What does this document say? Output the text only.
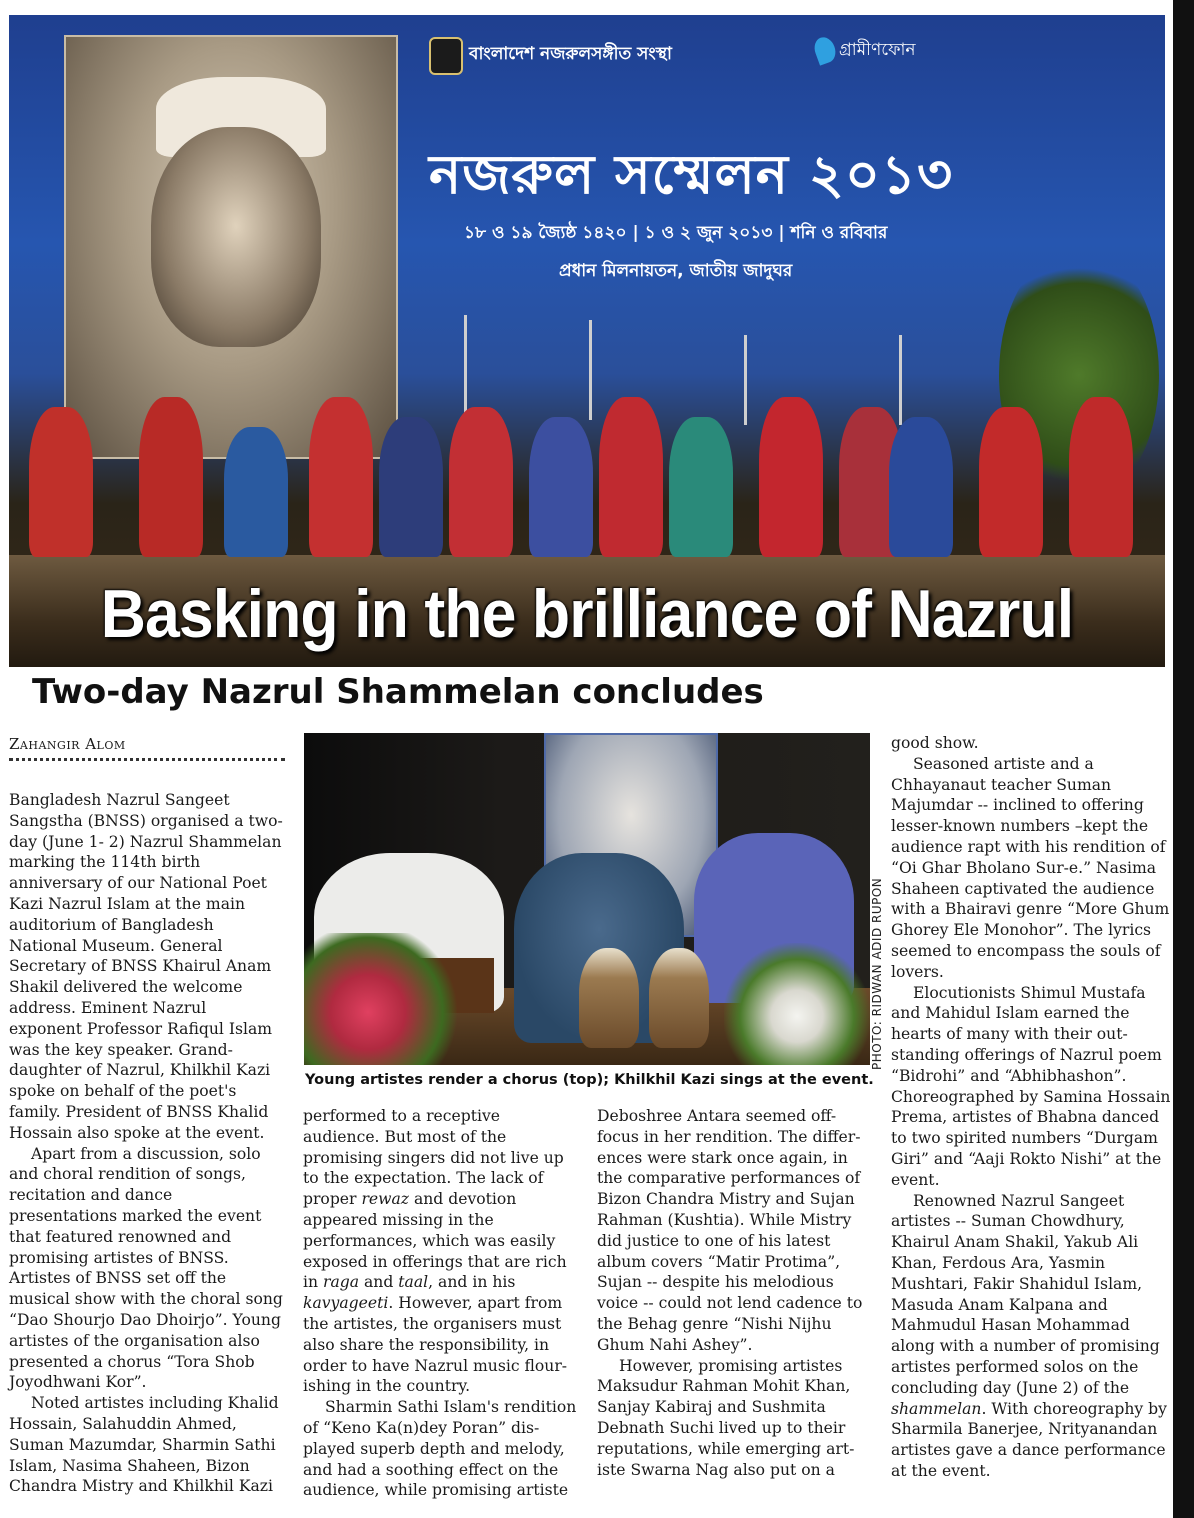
বাংলাদেশ নজরুলসঙ্গীত সংস্থা	গ্রামীণফোন
নজরুল সম্মেলন ২০১৩
১৮ ও ১৯ জ্যৈষ্ঠ ১৪২০ | ১ ও ২ জুন ২০১৩ | শনি ও রবিবার
প্রধান মিলনায়তন, জাতীয় জাদুঘর
Basking in the brilliance of Nazrul
Two-day Nazrul Shammelan concludes
Zahangir Alom

Bangladesh Nazrul Sangeet Sangstha (BNSS) organised a two-day (June 1- 2) Nazrul Shammelan marking the 114th birth anniversary of our National Poet Kazi Nazrul Islam at the main auditorium of Bangladesh National Museum. General Secretary of BNSS Khairul Anam Shakil delivered the welcome address. Eminent Nazrul exponent Professor Rafiqul Islam was the key speaker. Grand-daughter of Nazrul, Khilkhil Kazi spoke on behalf of the poet's family. President of BNSS Khalid Hossain also spoke at the event.

Apart from a discussion, solo and choral rendition of songs, recitation and dance presentations marked the event that featured renowned and promising artistes of BNSS. Artistes of BNSS set off the musical show with the choral song “Dao Shourjo Dao Dhoirjo”. Young artistes of the organisation also presented a chorus “Tora Shob Joyodhwani Kor”.

Noted artistes including Khalid Hossain, Salahuddin Ahmed, Suman Mazumdar, Sharmin Sathi Islam, Nasima Shaheen, Bizon Chandra Mistry and Khilkhil Kazi

PHOTO: RIDWAN ADID RUPON
Young artistes render a chorus (top); Khilkhil Kazi sings at the event.

performed to a receptive audience. But most of the promising singers did not live up to the expectation. The lack of proper rewaz and devotion appeared missing in the performances, which was easily exposed in offerings that are rich in raga and taal, and in his kavyageeti. However, apart from the artistes, the organisers must also share the responsibility, in order to have Nazrul music flour-ishing in the country.

Sharmin Sathi Islam's rendition of “Keno Ka(n)dey Poran” dis-played superb depth and melody, and had a soothing effect on the audience, while promising artiste

Deboshree Antara seemed off-focus in her rendition. The differ-ences were stark once again, in the comparative performances of Bizon Chandra Mistry and Sujan Rahman (Kushtia). While Mistry did justice to one of his latest album covers “Matir Protima”, Sujan -- despite his melodious voice -- could not lend cadence to the Behag genre “Nishi Nijhu Ghum Nahi Ashey”.

However, promising artistes Maksudur Rahman Mohit Khan, Sanjay Kabiraj and Sushmita Debnath Suchi lived up to their reputations, while emerging art-iste Swarna Nag also put on a

good show.

Seasoned artiste and a Chhayanaut teacher Suman Majumdar -- inclined to offering lesser-known numbers –kept the audience rapt with his rendition of “Oi Ghar Bholano Sur-e.” Nasima Shaheen captivated the audience with a Bhairavi genre “More Ghum Ghorey Ele Monohor”. The lyrics seemed to encompass the souls of lovers.

Elocutionists Shimul Mustafa and Mahidul Islam earned the hearts of many with their out-standing offerings of Nazrul poem “Bidrohi” and “Abhibhashon”. Choreographed by Samina Hossain Prema, artistes of Bhabna danced to two spirited numbers “Durgam Giri” and “Aaji Rokto Nishi” at the event.

Renowned Nazrul Sangeet artistes -- Suman Chowdhury, Khairul Anam Shakil, Yakub Ali Khan, Ferdous Ara, Yasmin Mushtari, Fakir Shahidul Islam, Masuda Anam Kalpana and Mahmudul Hasan Mohammad along with a number of promising artistes performed solos on the concluding day (June 2) of the shammelan. With choreography by Sharmila Banerjee, Nrityanandan artistes gave a dance performance at the event.
